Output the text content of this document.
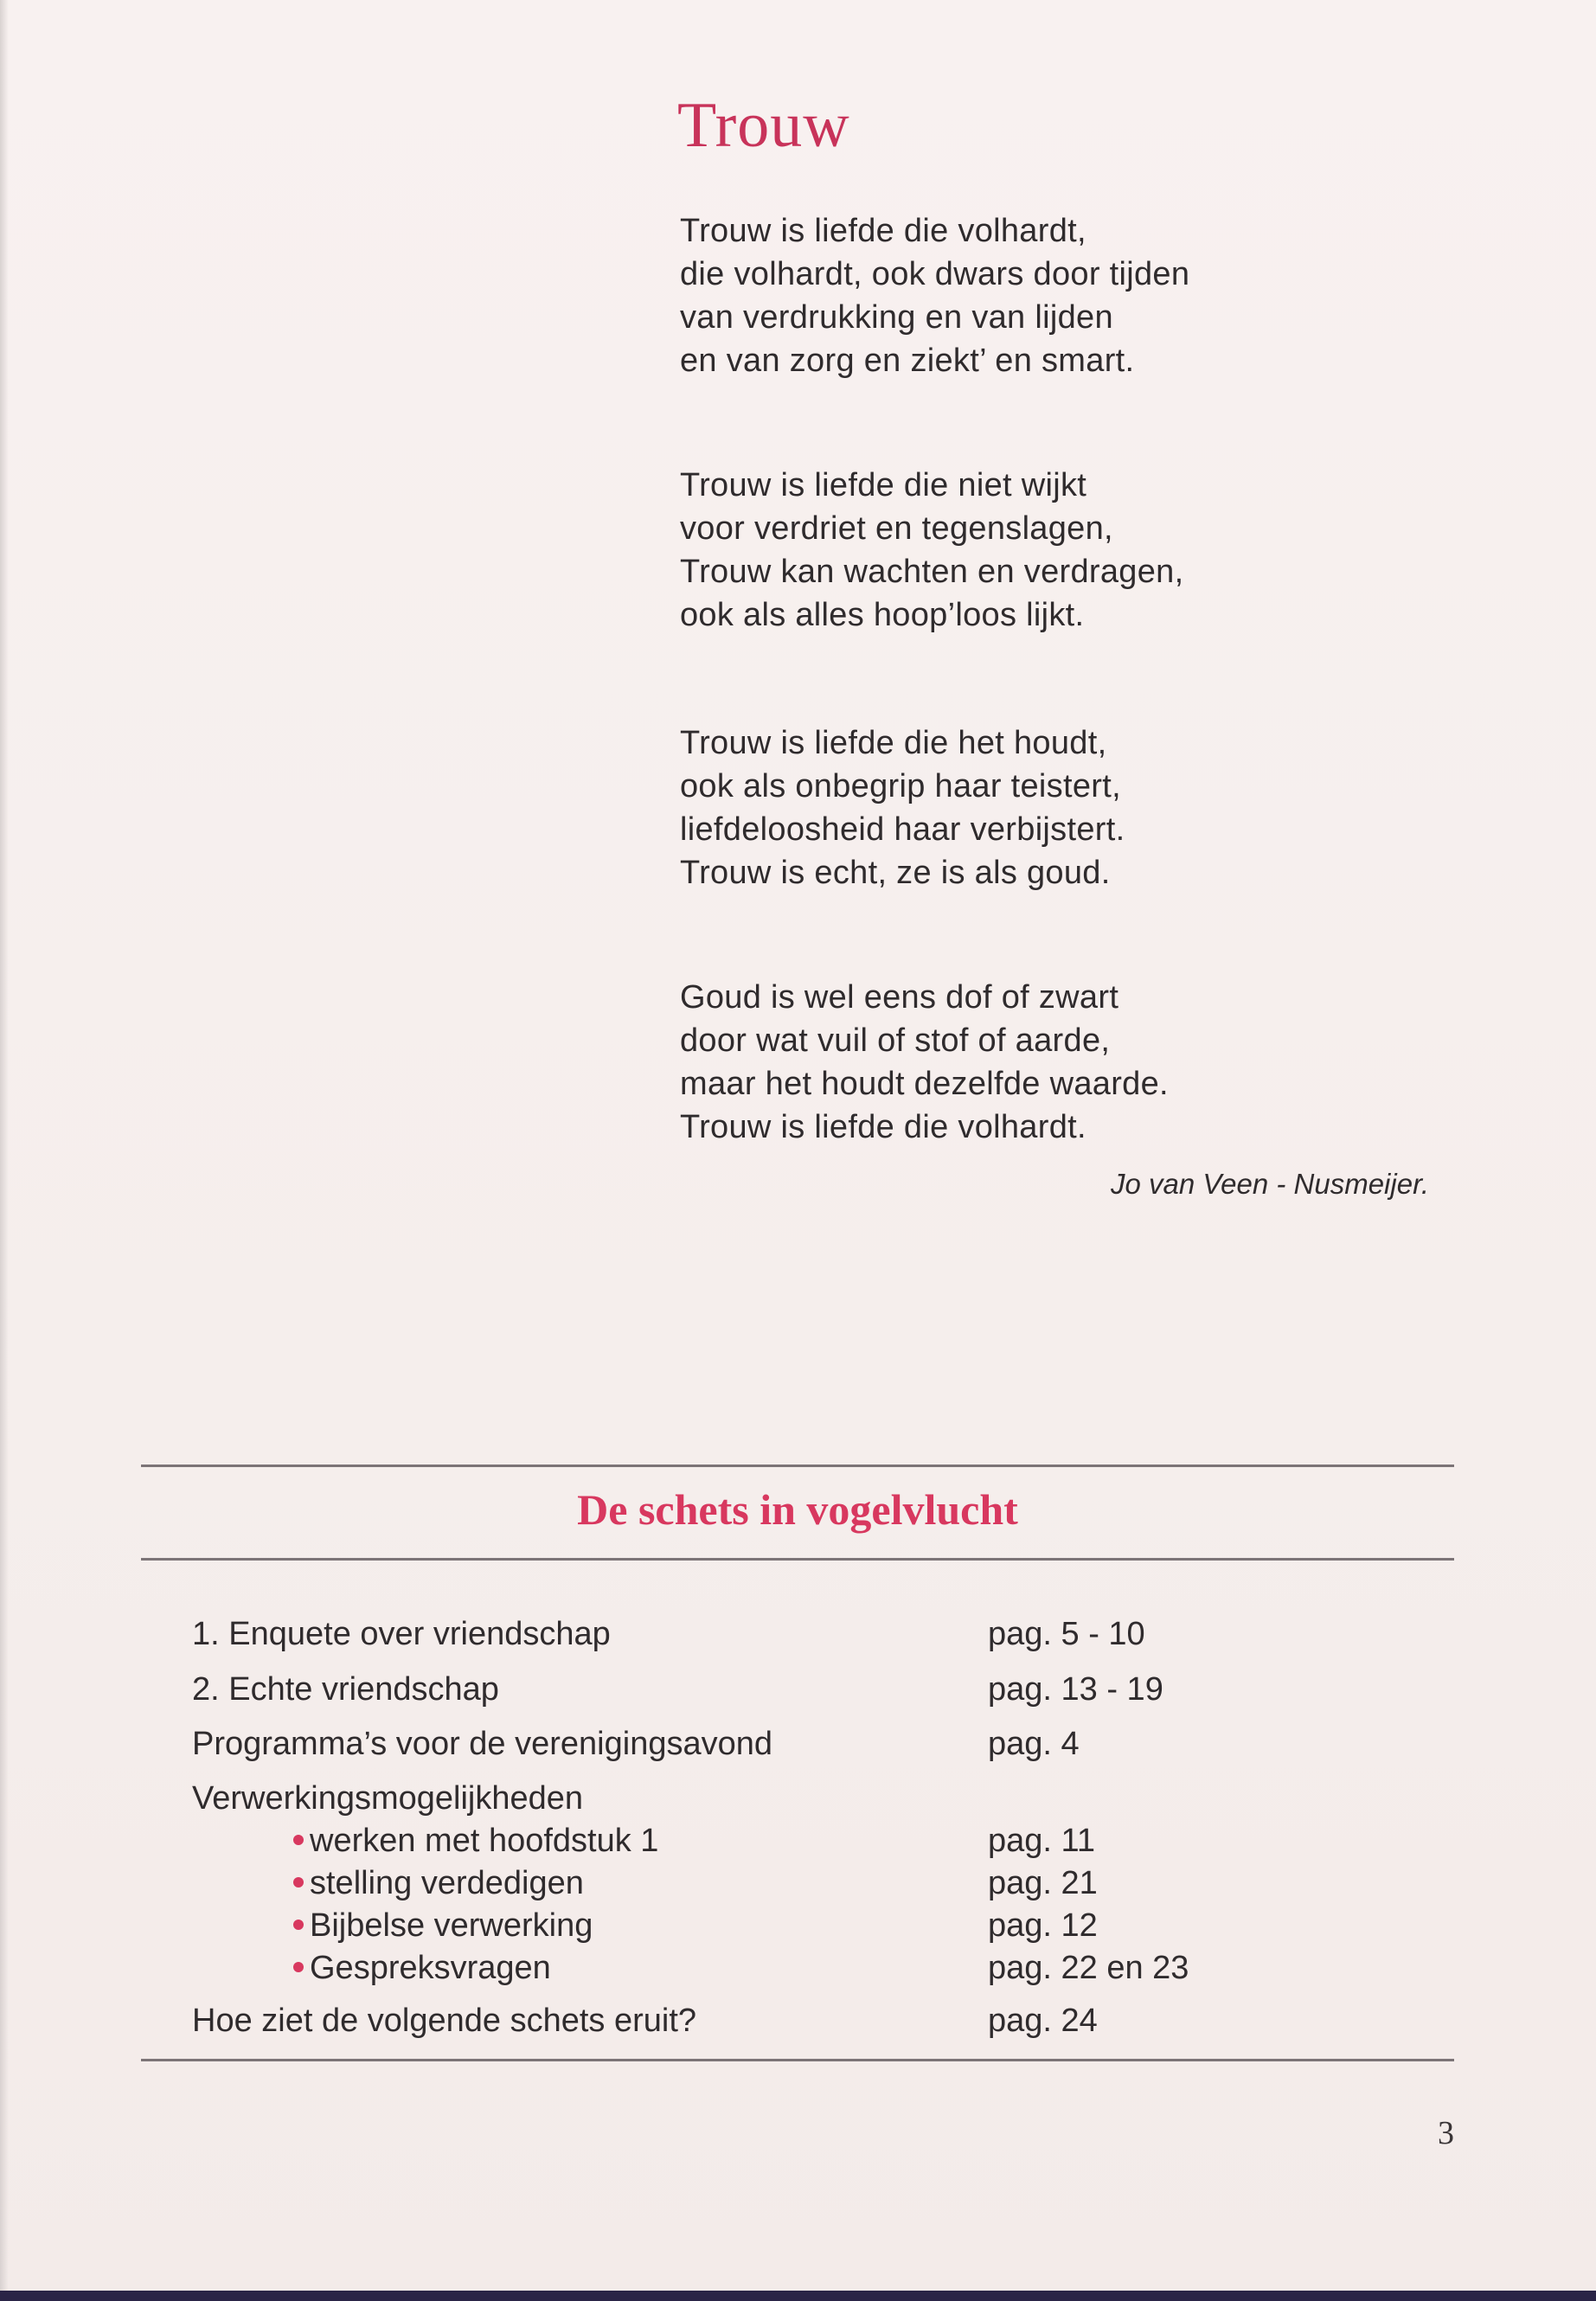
Trouw
Trouw is liefde die volhardt,
die volhardt, ook dwars door tijden
van verdrukking en van lijden
en van zorg en ziekt’ en smart.
Trouw is liefde die niet wijkt
voor verdriet en tegenslagen,
Trouw kan wachten en verdragen,
ook als alles hoop’loos lijkt.
Trouw is liefde die het houdt,
ook als onbegrip haar teistert,
liefdeloosheid haar verbijstert.
Trouw is echt, ze is als goud.
Goud is wel eens dof of zwart
door wat vuil of stof of aarde,
maar het houdt dezelfde waarde.
Trouw is liefde die volhardt.
Jo van Veen - Nusmeijer.
De schets in vogelvlucht
1. Enquete over vriendschap	pag. 5 - 10
2. Echte vriendschap	pag. 13 - 19
Programma’s voor de verenigingsavond	pag. 4
Verwerkingsmogelijkheden
werken met hoofdstuk 1	pag. 11
stelling verdedigen	pag. 21
Bijbelse verwerking	pag. 12
Gespreksvragen	pag. 22 en 23
Hoe ziet de volgende schets eruit?	pag. 24
3
